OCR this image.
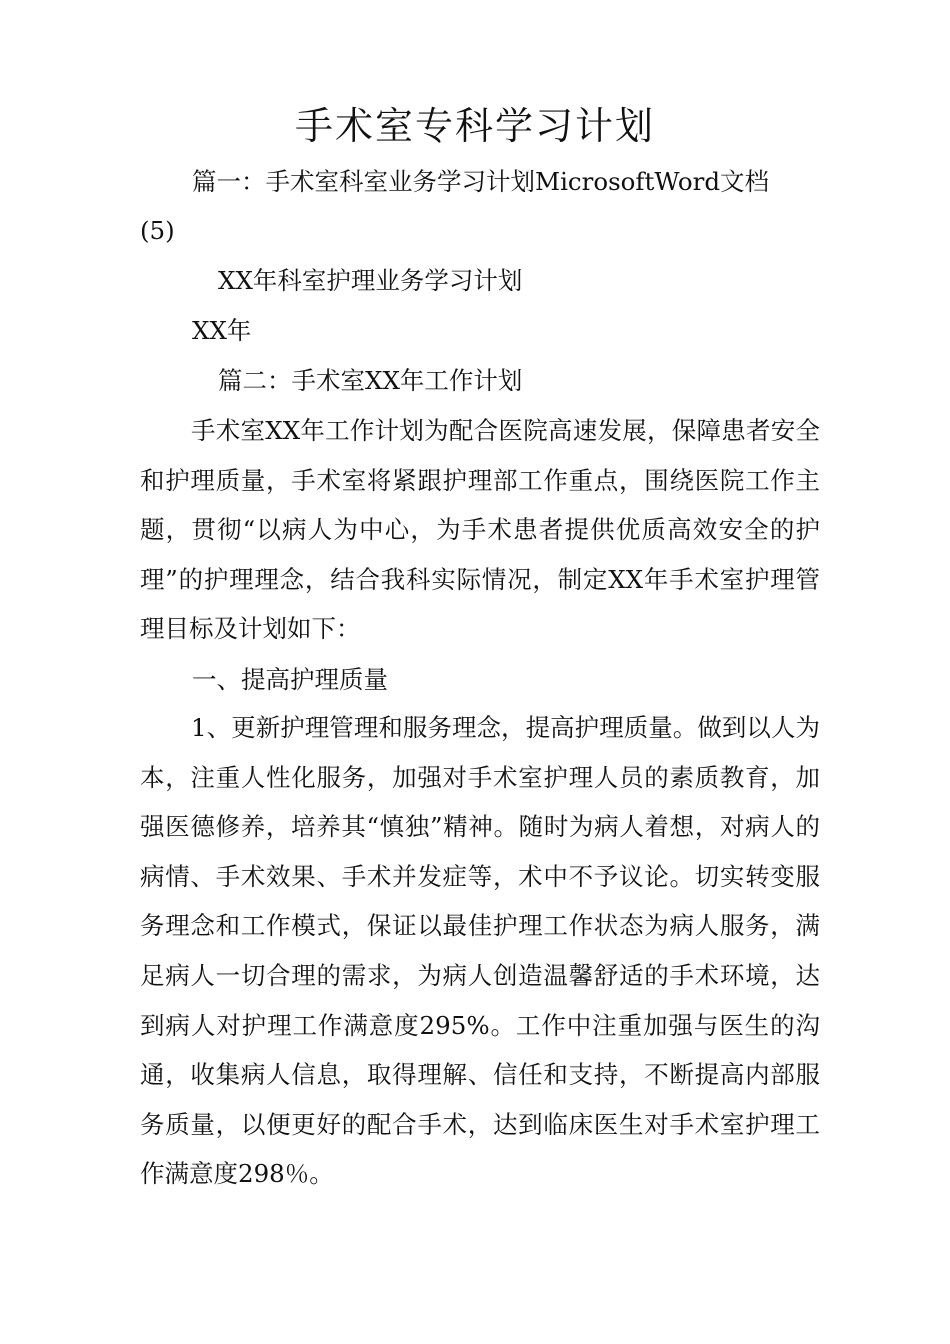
手术室专科学习计划
篇一：手术室科室业务学习计划MicrosoftWord文档
(5)
XX年科室护理业务学习计划
XX年
篇二：手术室XX年工作计划

手术室XX年工作计划为配合医院高速发展，保障患者安全和护理质量，手术室将紧跟护理部工作重点，围绕医院工作主题，贯彻“以病人为中心，为手术患者提供优质高效安全的护理”的护理理念，结合我科实际情况，制定XX年手术室护理管理目标及计划如下：

一、提高护理质量

1、更新护理管理和服务理念，提高护理质量。做到以人为本，注重人性化服务，加强对手术室护理人员的素质教育，加强医德修养，培养其“慎独”精神。随时为病人着想，对病人的病情、手术效果、手术并发症等，术中不予议论。切实转变服务理念和工作模式，保证以最佳护理工作状态为病人服务，满足病人一切合理的需求，为病人创造温馨舒适的手术环境，达到病人对护理工作满意度295%。工作中注重加强与医生的沟通，收集病人信息，取得理解、信任和支持，不断提高内部服务质量，以便更好的配合手术，达到临床医生对手术室护理工作满意度298％。
